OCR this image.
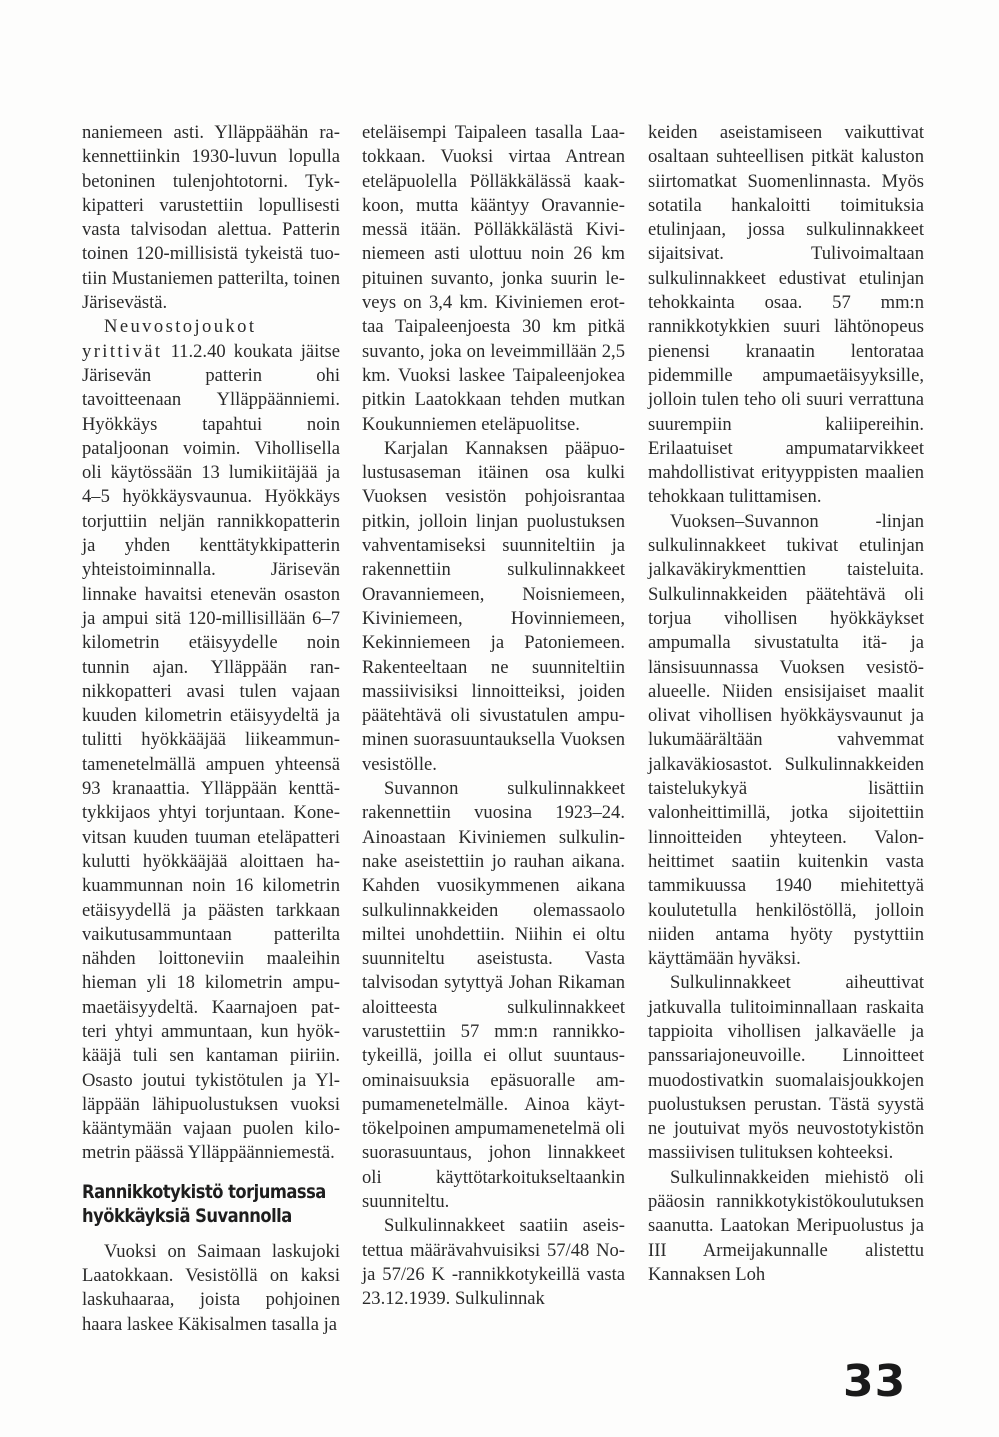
naniemeen asti. Ylläppäähän rakennettiinkin 1930-luvun lopulla betoninen tulenjohtotorni. Tykkipatteri varustettiin lopullisesti vasta talvisodan alettua. Patterin toinen 120-millisistä tykeistä tuotiin Mustaniemen patterilta, toinen Järisevästä.

Neuvostojoukot yrittivät 11.2.40 koukata jäitse Järisevän patterin ohi tavoitteenaan Ylläppäänniemi. Hyökkäys tapahtui noin pataljoonan voimin. Vihollisella oli käytössään 13 lumikiitäjää ja 4–5 hyökkäysvaunua. Hyökkäys torjuttiin neljän rannikkopatterin ja yhden kenttätykkipatterin yhteistoiminnalla. Järisevän linnake havaitsi etenevän osaston ja ampui sitä 120-millisillään 6–7 kilometrin etäisyydelle noin tunnin ajan. Ylläppään rannikkopatteri avasi tulen vajaan kuuden kilometrin etäisyydeltä ja tulitti hyökkääjää liikeammuntamenetelmällä ampuen yhteensä 93 kranaattia. Ylläppään kenttätykkijaos yhtyi torjuntaan. Konevitsan kuuden tuuman eteläpatteri kulutti hyökkääjää aloittaen hakuammunnan noin 16 kilometrin etäisyydellä ja päästen tarkkaan vaikutusammuntaan patterilta nähden loittoneviin maaleihin hieman yli 18 kilometrin ampumaetäisyydeltä. Kaarnajoen patteri yhtyi ammuntaan, kun hyökkääjä tuli sen kantaman piiriin. Osasto joutui tykistötulen ja Ylläppään lähipuolustuksen vuoksi kääntymään vajaan puolen kilometrin päässä Ylläppäänniemestä.

Rannikkotykistö torjumassa
hyökkäyksiä Suvannolla

Vuoksi on Saimaan laskujoki Laatokkaan. Vesistöllä on kaksi laskuhaaraa, joista pohjoinen haara laskee Käkisalmen tasalla ja

eteläisempi Taipaleen tasalla Laatokkaan. Vuoksi virtaa Antrean eteläpuolella Pölläkkälässä kaakkoon, mutta kääntyy Oravanniemessä itään. Pölläkkälästä Kiviniemeen asti ulottuu noin 26 km pituinen suvanto, jonka suurin leveys on 3,4 km. Kiviniemen erottaa Taipaleenjoesta 30 km pitkä suvanto, joka on leveimmillään 2,5 km. Vuoksi laskee Taipaleenjokea pitkin Laatokkaan tehden mutkan Koukunniemen eteläpuolitse.

Karjalan Kannaksen pääpuolustusaseman itäinen osa kulki Vuoksen vesistön pohjoisrantaa pitkin, jolloin linjan puolustuksen vahventamiseksi suunniteltiin ja rakennettiin sulkulinnakkeet Oravanniemeen, Noisniemeen, Kiviniemeen, Hovinniemeen, Kekinniemeen ja Patoniemeen. Rakenteeltaan ne suunniteltiin massiivisiksi linnoitteiksi, joiden päätehtävä oli sivustatulen ampuminen suorasuuntauksella Vuoksen vesistölle.

Suvannon sulkulinnakkeet rakennettiin vuosina 1923–24. Ainoastaan Kiviniemen sulkulinnake aseistettiin jo rauhan aikana. Kahden vuosikymmenen aikana sulkulinnakkeiden olemassaolo miltei unohdettiin. Niihin ei oltu suunniteltu aseistusta. Vasta talvisodan sytyttyä Johan Rikaman aloitteesta sulkulinnakkeet varustettiin 57 mm:n rannikkotykeillä, joilla ei ollut suuntausominaisuuksia epäsuoralle ampumamenetelmälle. Ainoa käyttökelpoinen ampumamenetelmä oli suorasuuntaus, johon linnakkeet oli käyttötarkoitukseltaankin suunniteltu.

Sulkulinnakkeet saatiin aseistettua määrävahvuisiksi 57/48 No- ja 57/26 K -rannikkotykeillä vasta 23.12.1939. Sulkulinnak

keiden aseistamiseen vaikuttivat osaltaan suhteellisen pitkät kaluston siirtomatkat Suomenlinnasta. Myös sotatila hankaloitti toimituksia etulinjaan, jossa sulkulinnakkeet sijaitsivat. Tulivoimaltaan sulkulinnakkeet edustivat etulinjan tehokkainta osaa. 57 mm:n rannikkotykkien suuri lähtönopeus pienensi kranaatin lentorataa pidemmille ampumaetäisyyksille, jolloin tulen teho oli suuri verrattuna suurempiin kaliipereihin. Erilaatuiset ampumatarvikkeet mahdollistivat erityyppisten maalien tehokkaan tulittamisen.

Vuoksen–Suvannon -linjan sulkulinnakkeet tukivat etulinjan jalkaväkirykmenttien taisteluita. Sulkulinnakkeiden päätehtävä oli torjua vihollisen hyökkäykset ampumalla sivustatulta itä- ja länsisuunnassa Vuoksen vesistöalueelle. Niiden ensisijaiset maalit olivat vihollisen hyökkäysvaunut ja lukumäärältään vahvemmat jalkaväkiosastot. Sulkulinnakkeiden taistelukykyä lisättiin valonheittimillä, jotka sijoitettiin linnoitteiden yhteyteen. Valonheittimet saatiin kuitenkin vasta tammikuussa 1940 miehitettyä koulutetulla henkilöstöllä, jolloin niiden antama hyöty pystyttiin käyttämään hyväksi.

Sulkulinnakkeet aiheuttivat jatkuvalla tulitoiminnallaan raskaita tappioita vihollisen jalkaväelle ja panssariajoneuvoille. Linnoitteet muodostivatkin suomalaisjoukkojen puolustuksen perustan. Tästä syystä ne joutuivat myös neuvostotykistön massiivisen tulituksen kohteeksi.

Sulkulinnakkeiden miehistö oli pääosin rannikkotykistökoulutuksen saanutta. Laatokan Meripuolustus ja III Armeijakunnalle alistettu Kannaksen Loh

33
